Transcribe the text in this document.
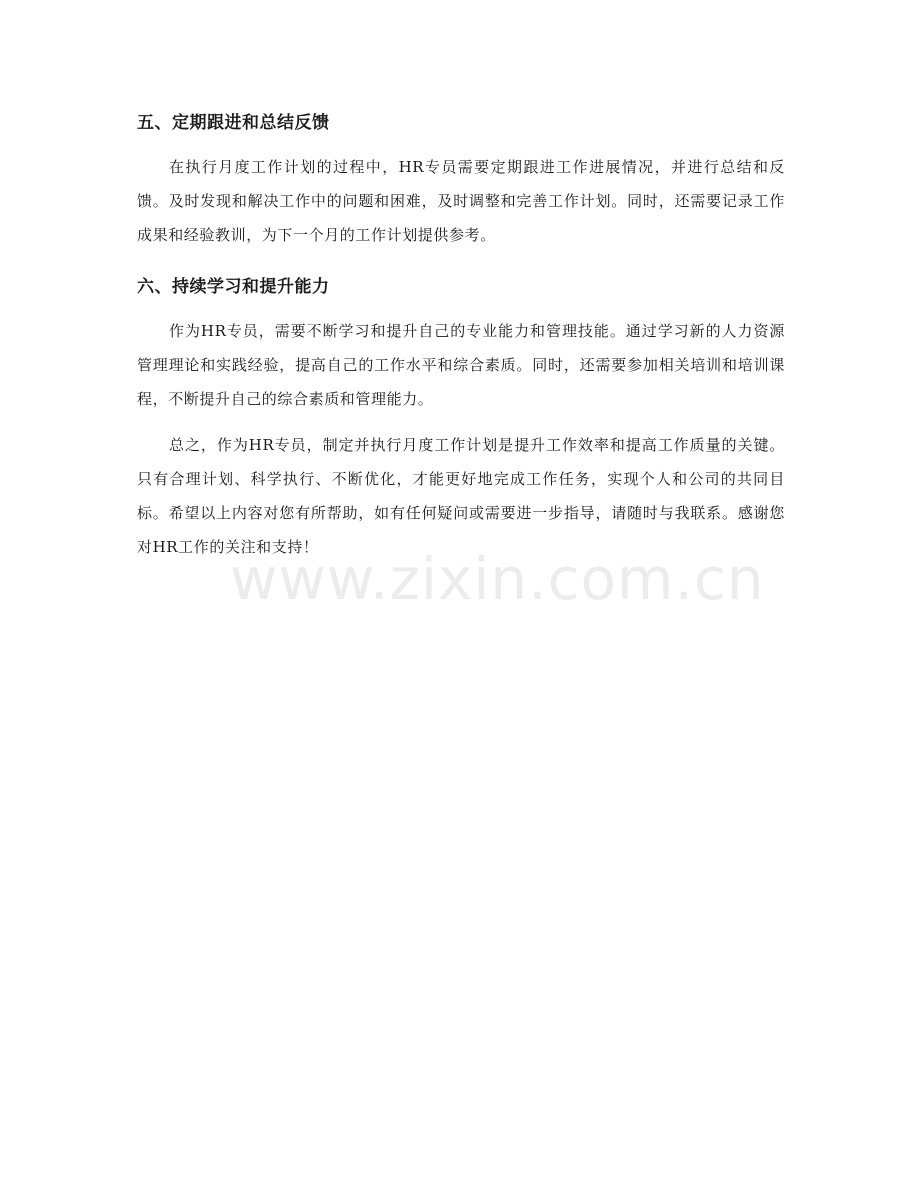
五、定期跟进和总结反馈

在执行月度工作计划的过程中，HR专员需要定期跟进工作进展情况，并进行总结和反馈。及时发现和解决工作中的问题和困难，及时调整和完善工作计划。同时，还需要记录工作成果和经验教训，为下一个月的工作计划提供参考。

六、持续学习和提升能力

作为HR专员，需要不断学习和提升自己的专业能力和管理技能。通过学习新的人力资源管理理论和实践经验，提高自己的工作水平和综合素质。同时，还需要参加相关培训和培训课程，不断提升自己的综合素质和管理能力。

总之，作为HR专员，制定并执行月度工作计划是提升工作效率和提高工作质量的关键。只有合理计划、科学执行、不断优化，才能更好地完成工作任务，实现个人和公司的共同目标。希望以上内容对您有所帮助，如有任何疑问或需要进一步指导，请随时与我联系。感谢您对HR工作的关注和支持！

www.zixin.com.cn
